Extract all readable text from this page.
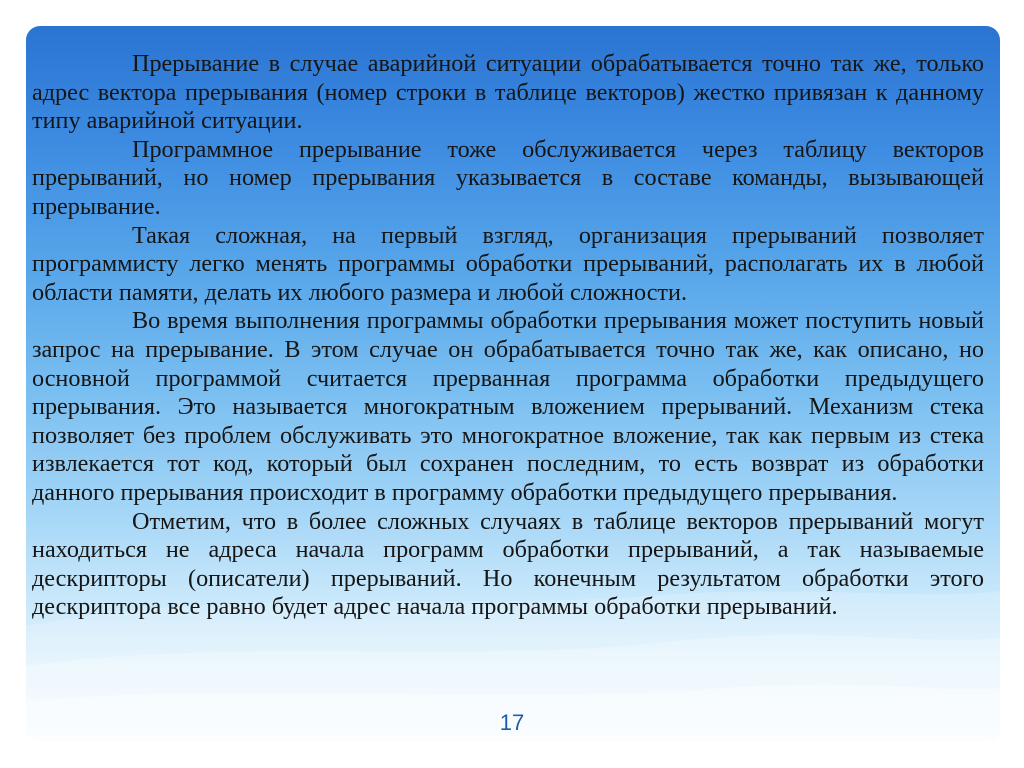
Прерывание в случае аварийной ситуации обрабатывается точно так же, только адрес вектора прерывания (номер строки в таблице векторов) жестко привязан к данному типу аварийной ситуации.

Программное прерывание тоже обслуживается через таблицу векторов прерываний, но номер прерывания указывается в составе команды, вызывающей прерывание.

Такая сложная, на первый взгляд, организация прерываний позволяет программисту легко менять программы обработки прерываний, располагать их в любой области памяти, делать их любого размера и любой сложности.

Во время выполнения программы обработки прерывания может поступить новый запрос на прерывание. В этом случае он обрабатывается точно так же, как описано, но основной программой считается прерванная программа обработки предыдущего прерывания. Это называется многократным вложением прерываний. Механизм стека позволяет без проблем обслуживать это многократное вложение, так как первым из стека извлекается тот код, который был сохранен последним, то есть возврат из обработки данного прерывания происходит в программу обработки предыдущего прерывания.

Отметим, что в более сложных случаях в таблице векторов прерываний могут находиться не адреса начала программ обработки прерываний, а так называемые дескрипторы (описатели) прерываний. Но конечным результатом обработки этого дескриптора все равно будет адрес начала программы обработки прерываний.

17
